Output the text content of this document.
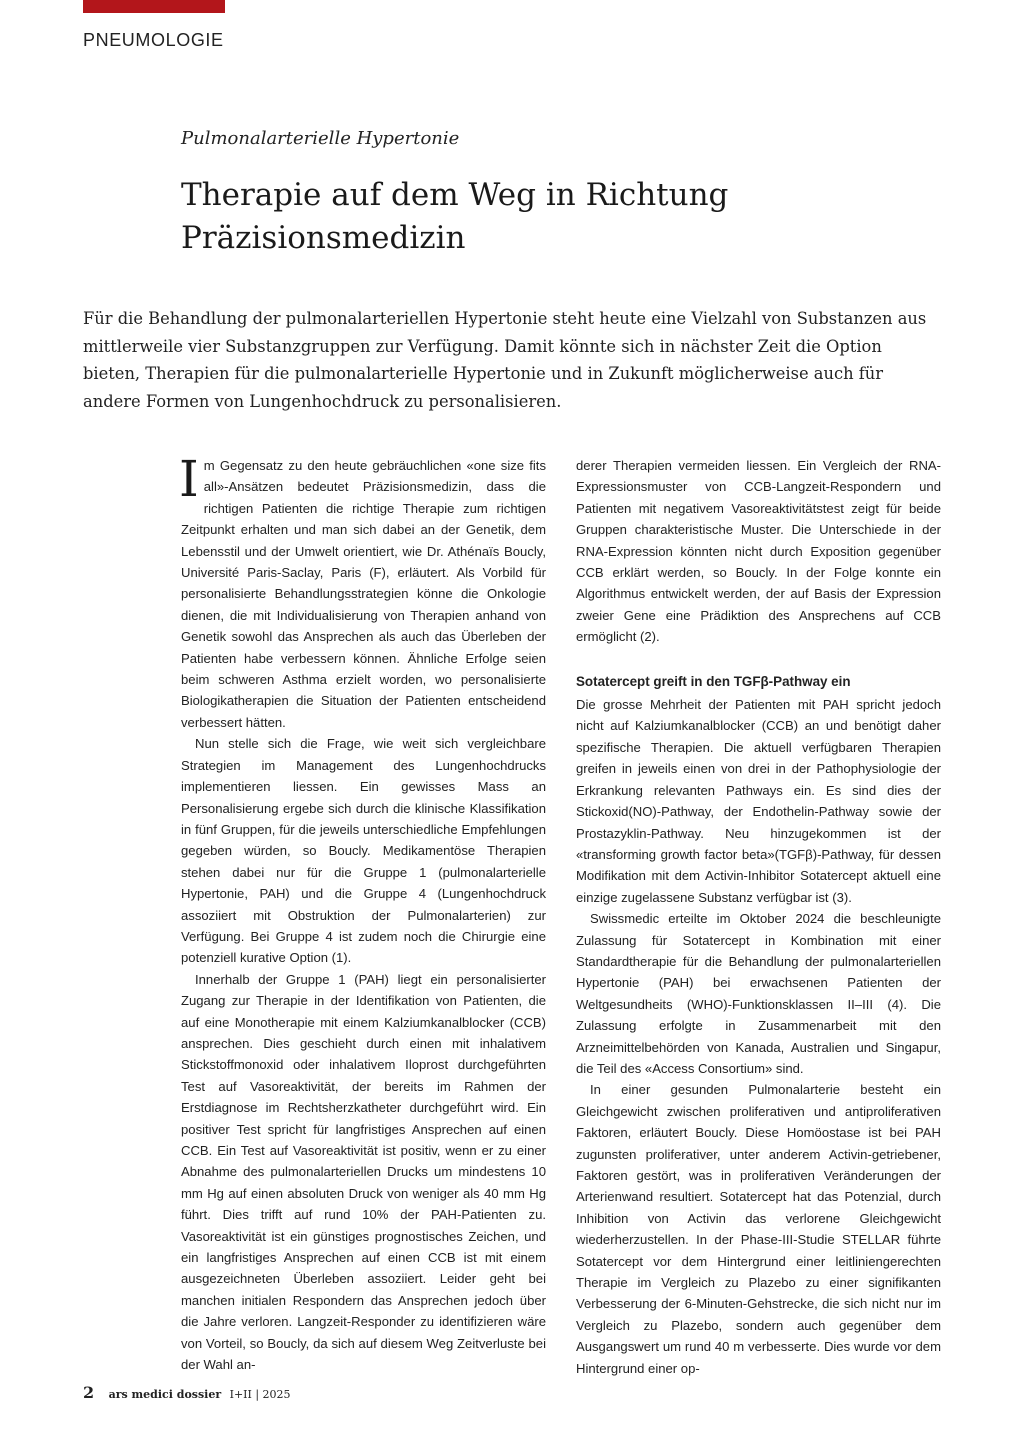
PNEUMOLOGIE
Pulmonalarterielle Hypertonie
Therapie auf dem Weg in Richtung
Präzisionsmedizin

Für die Behandlung der pulmonalarteriellen Hypertonie steht heute eine Vielzahl von Substanzen aus mittlerweile vier Substanzgruppen zur Verfügung. Damit könnte sich in nächster Zeit die Option bieten, Therapien für die pulmonalarterielle Hypertonie und in Zukunft möglicherweise auch für andere Formen von Lungenhochdruck zu personalisieren.

Im Gegensatz zu den heute gebräuchlichen «one size fits all»-Ansätzen bedeutet Präzisionsmedizin, dass die richtigen Patienten die richtige Therapie zum richtigen Zeitpunkt erhalten und man sich dabei an der Genetik, dem Lebensstil und der Umwelt orientiert, wie Dr. Athénaïs Boucly, Université Paris-Saclay, Paris (F), erläutert. Als Vorbild für personalisierte Behandlungsstrategien könne die Onkologie dienen, die mit Individualisierung von Therapien anhand von Genetik sowohl das Ansprechen als auch das Überleben der Patienten habe verbessern können. Ähnliche Erfolge seien beim schweren Asthma erzielt worden, wo personalisierte Biologikatherapien die Situation der Patienten entscheidend verbessert hätten.

Nun stelle sich die Frage, wie weit sich vergleichbare Strategien im Management des Lungenhochdrucks implementieren liessen. Ein gewisses Mass an Personalisierung ergebe sich durch die klinische Klassifikation in fünf Gruppen, für die jeweils unterschiedliche Empfehlungen gegeben würden, so Boucly. Medikamentöse Therapien stehen dabei nur für die Gruppe 1 (pulmonalarterielle Hypertonie, PAH) und die Gruppe 4 (Lungenhochdruck assoziiert mit Obstruktion der Pulmonalarterien) zur Verfügung. Bei Gruppe 4 ist zudem noch die Chirurgie eine potenziell kurative Option (1).

Innerhalb der Gruppe 1 (PAH) liegt ein personalisierter Zugang zur Therapie in der Identifikation von Patienten, die auf eine Monotherapie mit einem Kalziumkanalblocker (CCB) ansprechen. Dies geschieht durch einen mit inhalativem Stickstoffmonoxid oder inhalativem Iloprost durchgeführten Test auf Vasoreaktivität, der bereits im Rahmen der Erstdiagnose im Rechtsherzkatheter durchgeführt wird. Ein positiver Test spricht für langfristiges Ansprechen auf einen CCB. Ein Test auf Vasoreaktivität ist positiv, wenn er zu einer Abnahme des pulmonalarteriellen Drucks um mindestens 10 mm Hg auf einen absoluten Druck von weniger als 40 mm Hg führt. Dies trifft auf rund 10% der PAH-Patienten zu. Vasoreaktivität ist ein günstiges prognostisches Zeichen, und ein langfristiges Ansprechen auf einen CCB ist mit einem ausgezeichneten Überleben assoziiert. Leider geht bei manchen initialen Respondern das Ansprechen jedoch über die Jahre verloren. Langzeit-Responder zu identifizieren wäre von Vorteil, so Boucly, da sich auf diesem Weg Zeitverluste bei der Wahl an-

derer Therapien vermeiden liessen. Ein Vergleich der RNA-Expressionsmuster von CCB-Langzeit-Respondern und Patienten mit negativem Vasoreaktivitätstest zeigt für beide Gruppen charakteristische Muster. Die Unterschiede in der RNA-Expression könnten nicht durch Exposition gegenüber CCB erklärt werden, so Boucly. In der Folge konnte ein Algorithmus entwickelt werden, der auf Basis der Expression zweier Gene eine Prädiktion des Ansprechens auf CCB ermöglicht (2).

Sotatercept greift in den TGFβ-Pathway ein

Die grosse Mehrheit der Patienten mit PAH spricht jedoch nicht auf Kalziumkanalblocker (CCB) an und benötigt daher spezifische Therapien. Die aktuell verfügbaren Therapien greifen in jeweils einen von drei in der Pathophysiologie der Erkrankung relevanten Pathways ein. Es sind dies der Stickoxid(NO)-Pathway, der Endothelin-Pathway sowie der Prostazyklin-Pathway. Neu hinzugekommen ist der «transforming growth factor beta»(TGFβ)-Pathway, für dessen Modifikation mit dem Activin-Inhibitor Sotatercept aktuell eine einzige zugelassene Substanz verfügbar ist (3).

Swissmedic erteilte im Oktober 2024 die beschleunigte Zulassung für Sotatercept in Kombination mit einer Standardtherapie für die Behandlung der pulmonalarteriellen Hypertonie (PAH) bei erwachsenen Patienten der Weltgesundheits (WHO)-Funktionsklassen II–III (4). Die Zulassung erfolgte in Zusammenarbeit mit den Arzneimittelbehörden von Kanada, Australien und Singapur, die Teil des «Access Consortium» sind.

In einer gesunden Pulmonalarterie besteht ein Gleichgewicht zwischen proliferativen und antiproliferativen Faktoren, erläutert Boucly. Diese Homöostase ist bei PAH zugunsten proliferativer, unter anderem Activin-getriebener, Faktoren gestört, was in proliferativen Veränderungen der Arterienwand resultiert. Sotatercept hat das Potenzial, durch Inhibition von Activin das verlorene Gleichgewicht wiederherzustellen. In der Phase-III-Studie STELLAR führte Sotatercept vor dem Hintergrund einer leitliniengerechten Therapie im Vergleich zu Plazebo zu einer signifikanten Verbesserung der 6-Minuten-Gehstrecke, die sich nicht nur im Vergleich zu Plazebo, sondern auch gegenüber dem Ausgangswert um rund 40 m verbesserte. Dies wurde vor dem Hintergrund einer op-

2 ars medici dossier I+II | 2025
